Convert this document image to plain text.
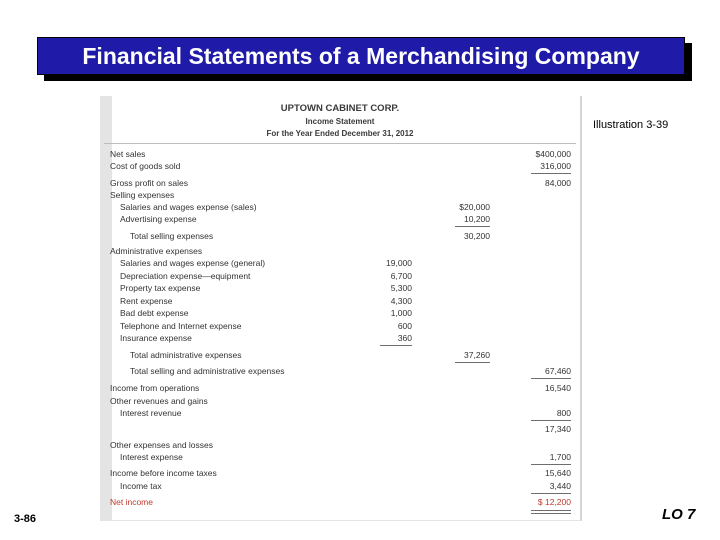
Financial Statements of a Merchandising Company
Illustration 3-39
UPTOWN CABINET CORP.
Income Statement
For the Year Ended December 31, 2012
Net sales	$400,000
Cost of goods sold	316,000
Gross profit on sales	84,000
Selling expenses
Salaries and wages expense (sales)	$20,000
Advertising expense	10,200
Total selling expenses	30,200
Administrative expenses
Salaries and wages expense (general)	19,000
Depreciation expense—equipment	6,700
Property tax expense	5,300
Rent expense	4,300
Bad debt expense	1,000
Telephone and Internet expense	600
Insurance expense	360
Total administrative expenses	37,260
Total selling and administrative expenses	67,460
Income from operations	16,540
Other revenues and gains
Interest revenue	800
17,340
Other expenses and losses
Interest expense	1,700
Income before income taxes	15,640
Income tax	3,440
Net income	$ 12,200
3-86	LO 7
